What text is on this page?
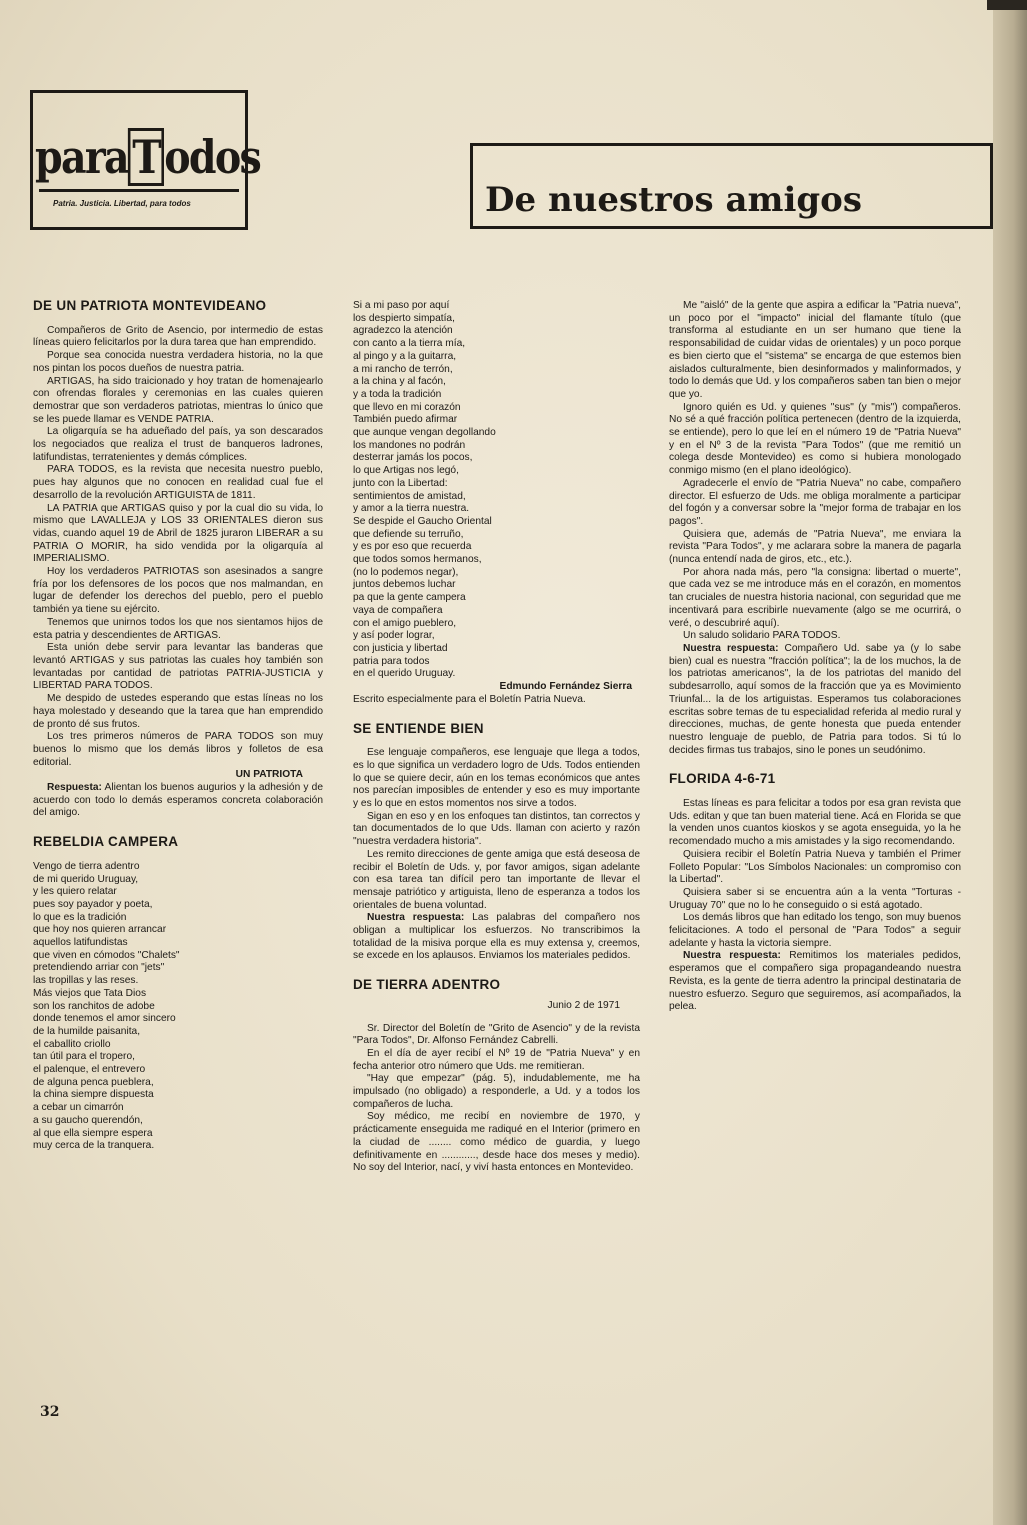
paraTodos
Patria. Justicia. Libertad, para todos	De nuestros amigos
DE UN PATRIOTA MONTEVIDEANO

Compañeros de Grito de Asencio, por intermedio de estas líneas quiero felicitarlos por la dura tarea que han emprendido.

Porque sea conocida nuestra verdadera historia, no la que nos pintan los pocos dueños de nuestra patria.

ARTIGAS, ha sido traicionado y hoy tratan de homenajearlo con ofrendas florales y ceremonias en las cuales quieren demostrar que son verdaderos patriotas, mientras lo único que se les puede llamar es VENDE PATRIA.

La oligarquía se ha adueñado del país, ya son descarados los negociados que realiza el trust de banqueros ladrones, latifundistas, terratenientes y demás cómplices.

PARA TODOS, es la revista que necesita nuestro pueblo, pues hay algunos que no conocen en realidad cual fue el desarrollo de la revolución ARTIGUISTA de 1811.

LA PATRIA que ARTIGAS quiso y por la cual dio su vida, lo mismo que LAVALLEJA y LOS 33 ORIENTALES dieron sus vidas, cuando aquel 19 de Abril de 1825 juraron LIBERAR a su PATRIA O MORIR, ha sido vendida por la oligarquía al IMPERIALISMO.

Hoy los verdaderos PATRIOTAS son asesinados a sangre fría por los defensores de los pocos que nos malmandan, en lugar de defender los derechos del pueblo, pero el pueblo también ya tiene su ejército.

Tenemos que unirnos todos los que nos sientamos hijos de esta patria y descendientes de ARTIGAS.

Esta unión debe servir para levantar las banderas que levantó ARTIGAS y sus patriotas las cuales hoy también son levantadas por cantidad de patriotas PATRIA-JUSTICIA y LIBERTAD PARA TODOS.

Me despido de ustedes esperando que estas líneas no los haya molestado y deseando que la tarea que han emprendido de pronto dé sus frutos.

Los tres primeros números de PARA TODOS son muy buenos lo mismo que los demás libros y folletos de esa editorial.

UN PATRIOTA

Respuesta: Alientan los buenos augurios y la adhesión y de acuerdo con todo lo demás esperamos concreta colaboración del amigo.

REBELDIA CAMPERA

Vengo de tierra adentro
de mi querido Uruguay,
y les quiero relatar
pues soy payador y poeta,
lo que es la tradición
que hoy nos quieren arrancar
aquellos latifundistas
que viven en cómodos "Chalets"
pretendiendo arriar con "jets"
las tropillas y las reses.
Más viejos que Tata Dios
son los ranchitos de adobe
donde tenemos el amor sincero
de la humilde paisanita,
el caballito criollo
tan útil para el tropero,
el palenque, el entrevero
de alguna penca pueblera,
la china siempre dispuesta
a cebar un cimarrón
a su gaucho querendón,
al que ella siempre espera
muy cerca de la tranquera.

Si a mi paso por aquí
los despierto simpatía,
agradezco la atención
con canto a la tierra mía,
al pingo y a la guitarra,
a mi rancho de terrón,
a la china y al facón,
y a toda la tradición
que llevo en mi corazón
También puedo afirmar
que aunque vengan degollando
los mandones no podrán
desterrar jamás los pocos,
lo que Artigas nos legó,
junto con la Libertad:
sentimientos de amistad,
y amor a la tierra nuestra.
Se despide el Gaucho Oriental
que defiende su terruño,
y es por eso que recuerda
que todos somos hermanos,
(no lo podemos negar),
juntos debemos luchar
pa que la gente campera
vaya de compañera
con el amigo pueblero,
y así poder lograr,
con justicia y libertad
patria para todos
en el querido Uruguay.

Edmundo Fernández Sierra

Escrito especialmente para el Boletín Patria Nueva.

SE ENTIENDE BIEN

Ese lenguaje compañeros, ese lenguaje que llega a todos, es lo que significa un verdadero logro de Uds. Todos entienden lo que se quiere decir, aún en los temas económicos que antes nos parecían imposibles de entender y eso es muy importante y es lo que en estos momentos nos sirve a todos.

Sigan en eso y en los enfoques tan distintos, tan correctos y tan documentados de lo que Uds. llaman con acierto y razón "nuestra verdadera historia".

Les remito direcciones de gente amiga que está deseosa de recibir el Boletín de Uds. y, por favor amigos, sigan adelante con esa tarea tan difícil pero tan importante de llevar el mensaje patriótico y artiguista, lleno de esperanza a todos los orientales de buena voluntad.

Nuestra respuesta: Las palabras del compañero nos obligan a multiplicar los esfuerzos. No transcribimos la totalidad de la misiva porque ella es muy extensa y, creemos, se excede en los aplausos. Enviamos los materiales pedidos.

DE TIERRA ADENTRO
Junio 2 de 1971

Sr. Director del Boletín de "Grito de Asencio" y de la revista "Para Todos", Dr. Alfonso Fernández Cabrelli.

En el día de ayer recibí el Nº 19 de "Patria Nueva" y en fecha anterior otro número que Uds. me remitieran.

"Hay que empezar" (pág. 5), indudablemente, me ha impulsado (no obligado) a responderle, a Ud. y a todos los compañeros de lucha.

Soy médico, me recibí en noviembre de 1970, y prácticamente enseguida me radiqué en el Interior (primero en la ciudad de ........ como médico de guardia, y luego definitivamente en ............, desde hace dos meses y medio). No soy del Interior, nací, y viví hasta entonces en Montevideo.

Me "aisló" de la gente que aspira a edificar la "Patria nueva", un poco por el "impacto" inicial del flamante título (que transforma al estudiante en un ser humano que tiene la responsabilidad de cuidar vidas de orientales) y un poco porque es bien cierto que el "sistema" se encarga de que estemos bien aislados culturalmente, bien desinformados y malinformados, y todo lo demás que Ud. y los compañeros saben tan bien o mejor que yo.

Ignoro quién es Ud. y quienes "sus" (y "mis") compañeros. No sé a qué fracción política pertenecen (dentro de la izquierda, se entiende), pero lo que leí en el número 19 de "Patria Nueva" y en el Nº 3 de la revista "Para Todos" (que me remitió un colega desde Montevideo) es como si hubiera monologado conmigo mismo (en el plano ideológico).

Agradecerle el envío de "Patria Nueva" no cabe, compañero director. El esfuerzo de Uds. me obliga moralmente a participar del fogón y a conversar sobre la "mejor forma de trabajar en los pagos".

Quisiera que, además de "Patria Nueva", me enviara la revista "Para Todos", y me aclarara sobre la manera de pagarla (nunca entendí nada de giros, etc., etc.).

Por ahora nada más, pero "la consigna: libertad o muerte", que cada vez se me introduce más en el corazón, en momentos tan cruciales de nuestra historia nacional, con seguridad que me incentivará para escribirle nuevamente (algo se me ocurrirá, o veré, o descubriré aquí).

Un saludo solidario PARA TODOS.

Nuestra respuesta: Compañero Ud. sabe ya (y lo sabe bien) cual es nuestra "fracción política"; la de los muchos, la de los patriotas americanos", la de los patriotas del manido del subdesarrollo, aquí somos de la fracción que ya es Movimiento Triunfal... la de los artiguistas. Esperamos tus colaboraciones escritas sobre temas de tu especialidad referida al medio rural y direcciones, muchas, de gente honesta que pueda entender nuestro lenguaje de pueblo, de Patria para todos. Si tú lo decides firmas tus trabajos, sino le pones un seudónimo.

FLORIDA 4-6-71

Estas líneas es para felicitar a todos por esa gran revista que Uds. editan y que tan buen material tiene. Acá en Florida se que la venden unos cuantos kioskos y se agota enseguida, yo la he recomendado mucho a mis amistades y la sigo recomendando.

Quisiera recibir el Boletín Patria Nueva y también el Primer Folleto Popular: "Los Símbolos Nacionales: un compromiso con la Libertad".

Quisiera saber si se encuentra aún a la venta "Torturas - Uruguay 70" que no lo he conseguido o si está agotado.

Los demás libros que han editado los tengo, son muy buenos felicitaciones. A todo el personal de "Para Todos" a seguir adelante y hasta la victoria siempre.

Nuestra respuesta: Remitimos los materiales pedidos, esperamos que el compañero siga propagandeando nuestra Revista, es la gente de tierra adentro la principal destinataria de nuestro esfuerzo. Seguro que seguiremos, así acompañados, la pelea.

32
